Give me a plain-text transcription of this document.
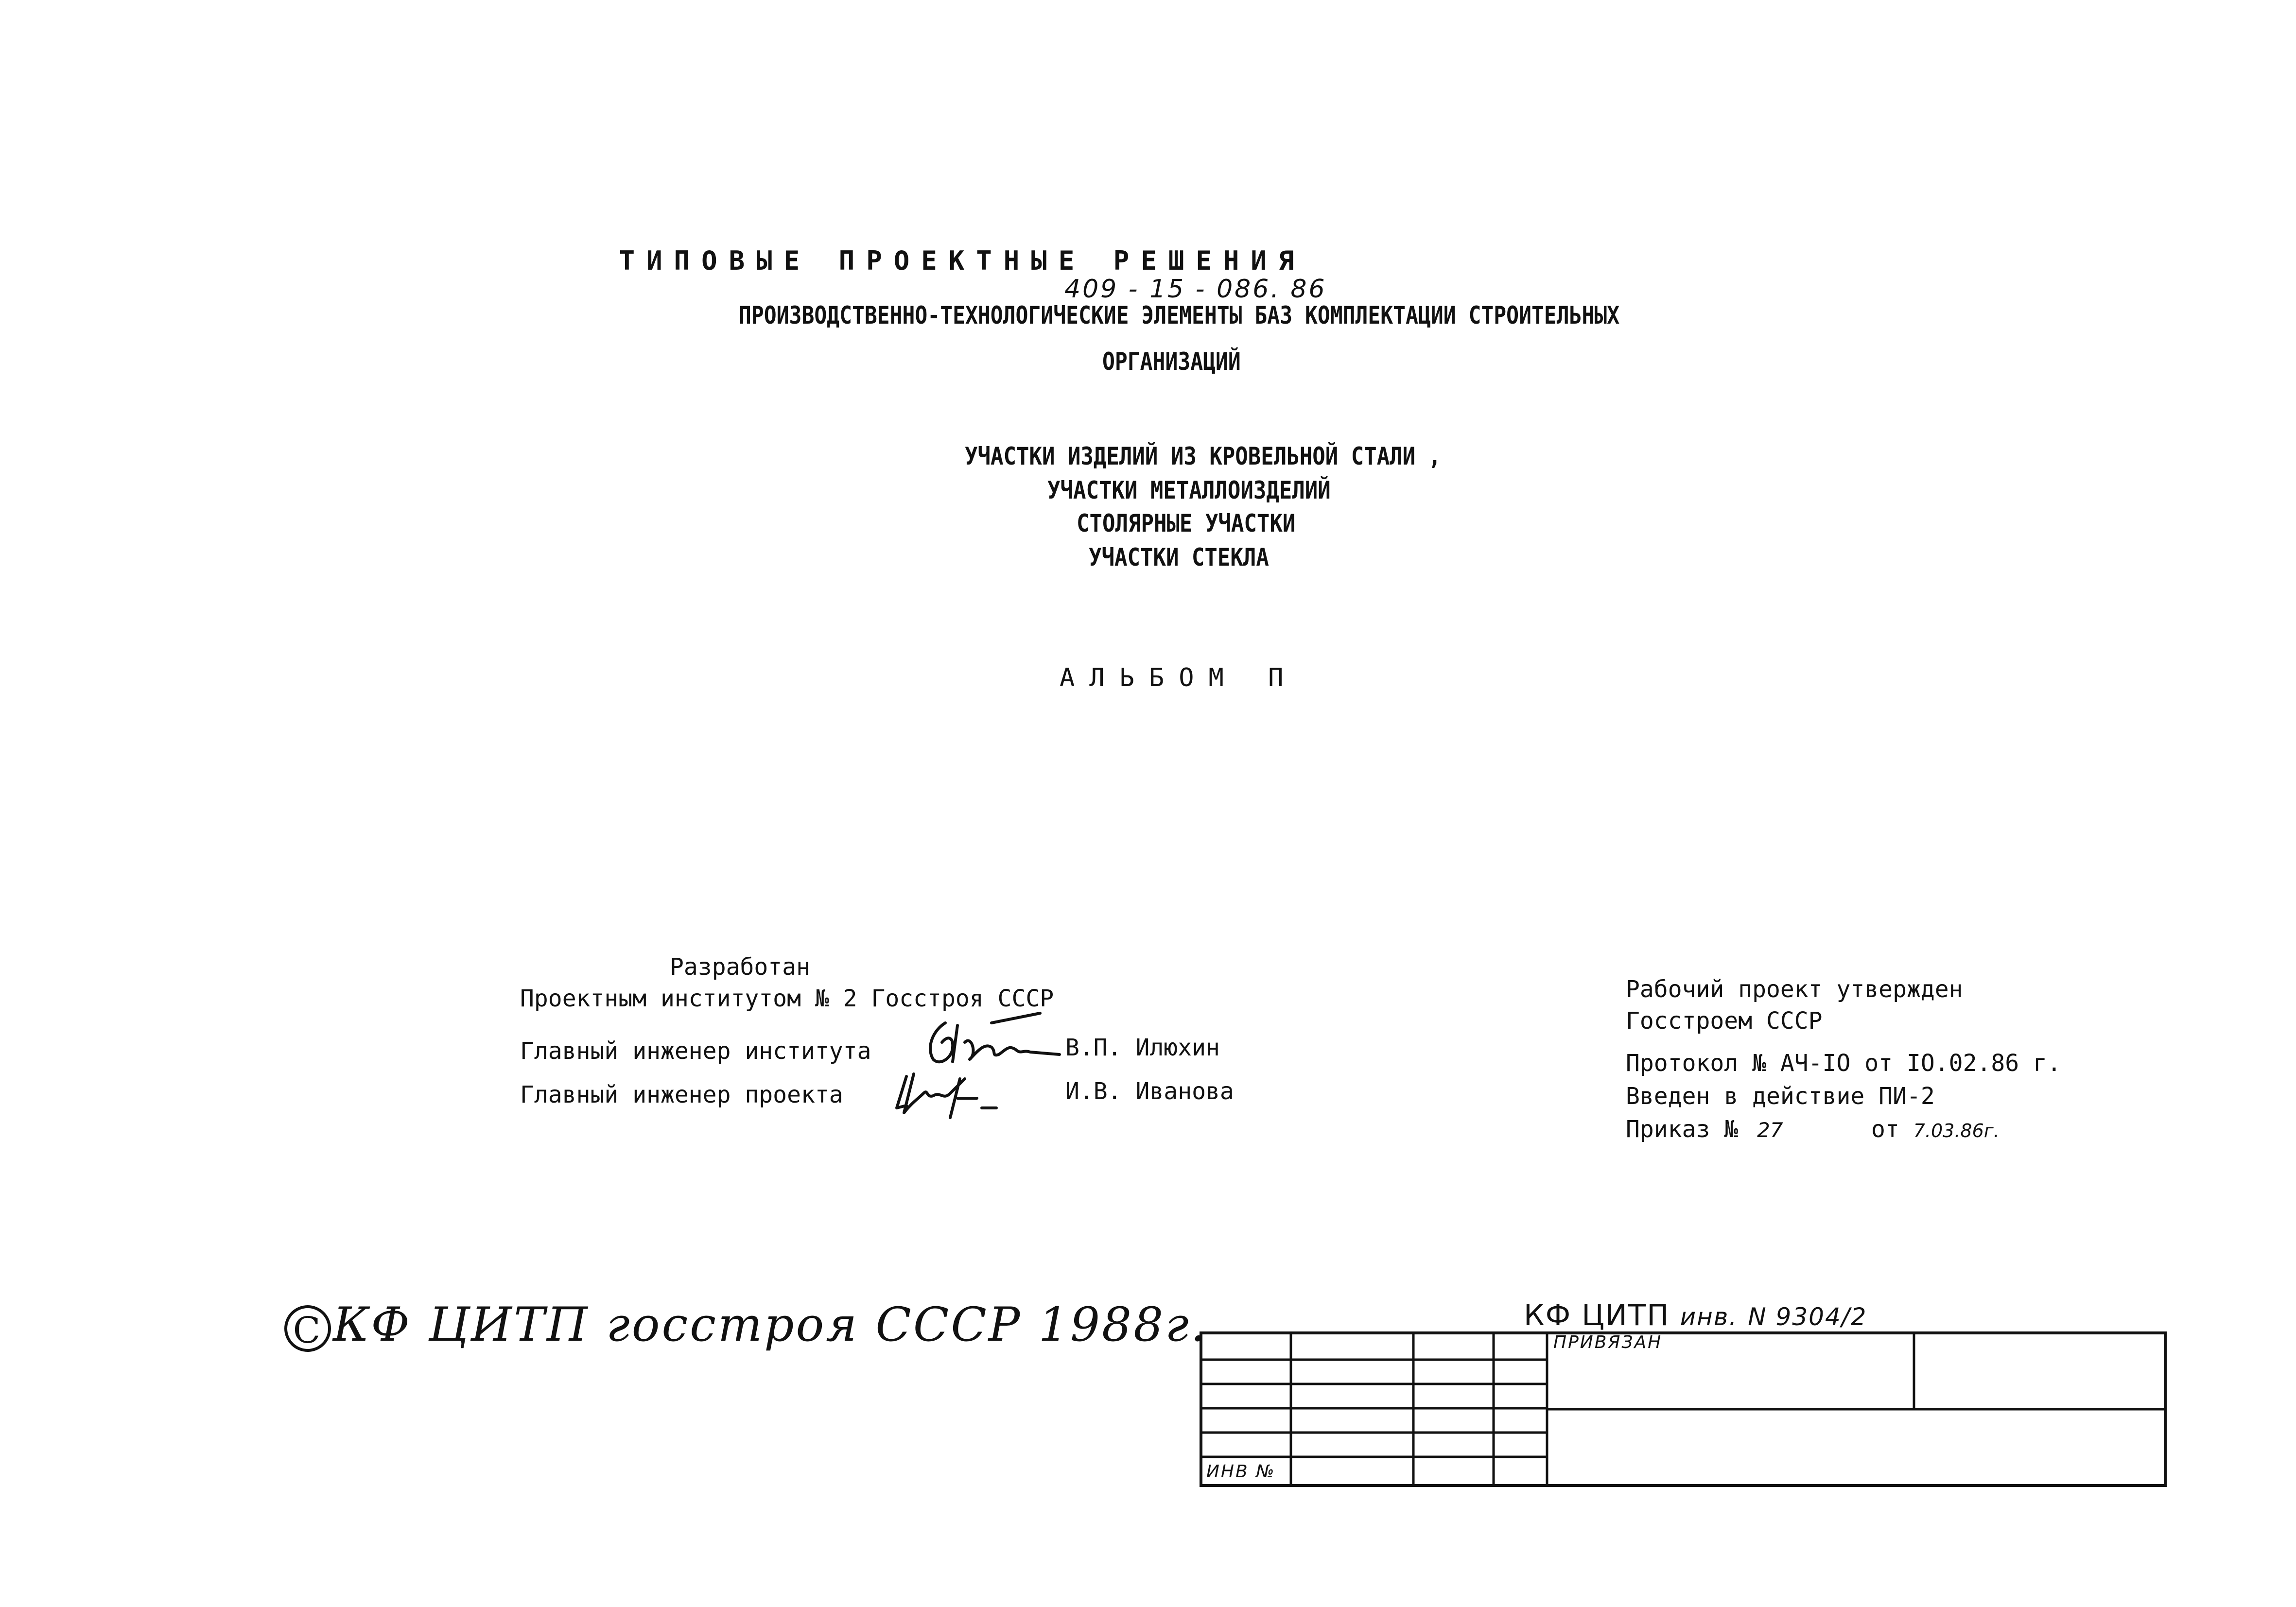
ТИПОВЫЕ ПРОЕКТНЫЕ РЕШЕНИЯ
409 - 15 - 086. 86
ПРОИЗВОДСТВЕННО-ТЕХНОЛОГИЧЕСКИЕ ЭЛЕМЕНТЫ БАЗ КОМПЛЕКТАЦИИ СТРОИТЕЛЬНЫХ
ОРГАНИЗАЦИЙ
УЧАСТКИ ИЗДЕЛИЙ ИЗ КРОВЕЛЬНОЙ СТАЛИ ,
УЧАСТКИ МЕТАЛЛОИЗДЕЛИЙ
СТОЛЯРНЫЕ УЧАСТКИ
УЧАСТКИ СТЕКЛА
АЛЬБОМ П
Разработан
Проектным институтом № 2 Госстроя СССР
Главный инженер института	В.П. Илюхин
Главный инженер проекта	И.В. Иванова
Рабочий проект утвержден
Госстроем СССР
Протокол № АЧ-IO от IO.02.86 г.
Введен в действие ПИ-2
Приказ № 27	от 7.03.86г.
C КФ ЦИТП госстроя СССР 1988г.	КФ ЦИТП инв. N 9304/2
ПРИВЯЗАН
ИНВ №
